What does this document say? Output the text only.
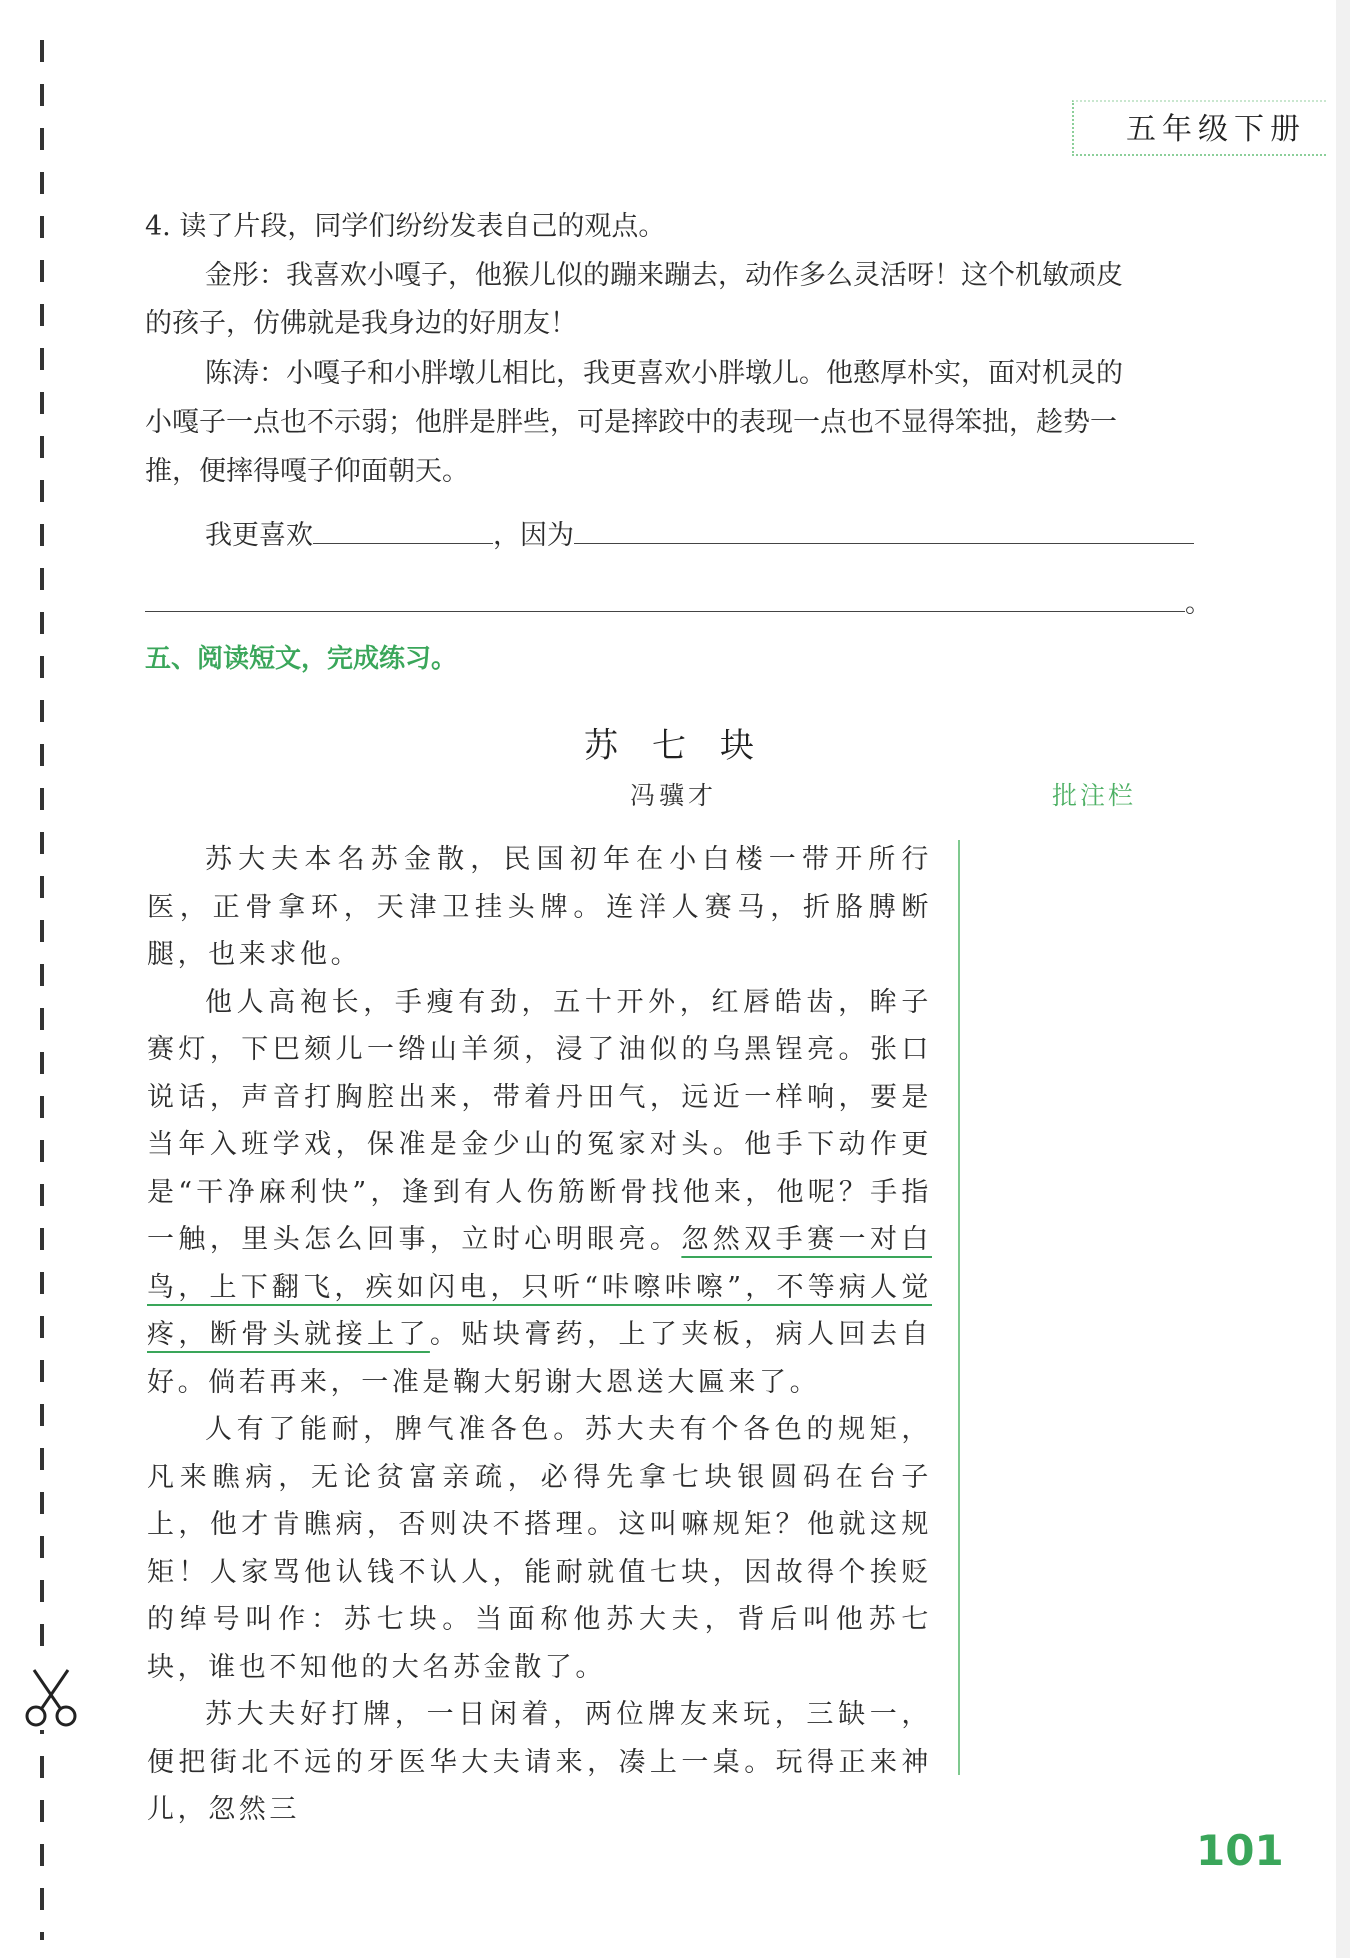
五年级下册

4. 读了片段，同学们纷纷发表自己的观点。

金彤：我喜欢小嘎子，他猴儿似的蹦来蹦去，动作多么灵活呀！这个机敏顽皮

的孩子，仿佛就是我身边的好朋友！

陈涛：小嘎子和小胖墩儿相比，我更喜欢小胖墩儿。他憨厚朴实，面对机灵的

小嘎子一点也不示弱；他胖是胖些，可是摔跤中的表现一点也不显得笨拙，趁势一

推，便摔得嘎子仰面朝天。

我更喜欢	，因为

。

五、阅读短文，完成练习。
苏七块
冯骥才	批注栏

苏大夫本名苏金散，民国初年在小白楼一带开所行医，正骨拿环，天津卫挂头牌。连洋人赛马，折胳膊断腿，也来求他。

他人高袍长，手瘦有劲，五十开外，红唇皓齿，眸子赛灯，下巴颏儿一绺山羊须，浸了油似的乌黑锃亮。张口说话，声音打胸腔出来，带着丹田气，远近一样响，要是当年入班学戏，保准是金少山的冤家对头。他手下动作更是“干净麻利快”，逢到有人伤筋断骨找他来，他呢？手指一触，里头怎么回事，立时心明眼亮。忽然双手赛一对白鸟，上下翻飞，疾如闪电，只听“咔嚓咔嚓”，不等病人觉疼，断骨头就接上了。贴块膏药，上了夹板，病人回去自好。倘若再来，一准是鞠大躬谢大恩送大匾来了。

人有了能耐，脾气准各色。苏大夫有个各色的规矩，凡来瞧病，无论贫富亲疏，必得先拿七块银圆码在台子上，他才肯瞧病，否则决不搭理。这叫嘛规矩？他就这规矩！人家骂他认钱不认人，能耐就值七块，因故得个挨贬的绰号叫作：苏七块。当面称他苏大夫，背后叫他苏七块，谁也不知他的大名苏金散了。

苏大夫好打牌，一日闲着，两位牌友来玩，三缺一，便把街北不远的牙医华大夫请来，凑上一桌。玩得正来神儿，忽然三

101
